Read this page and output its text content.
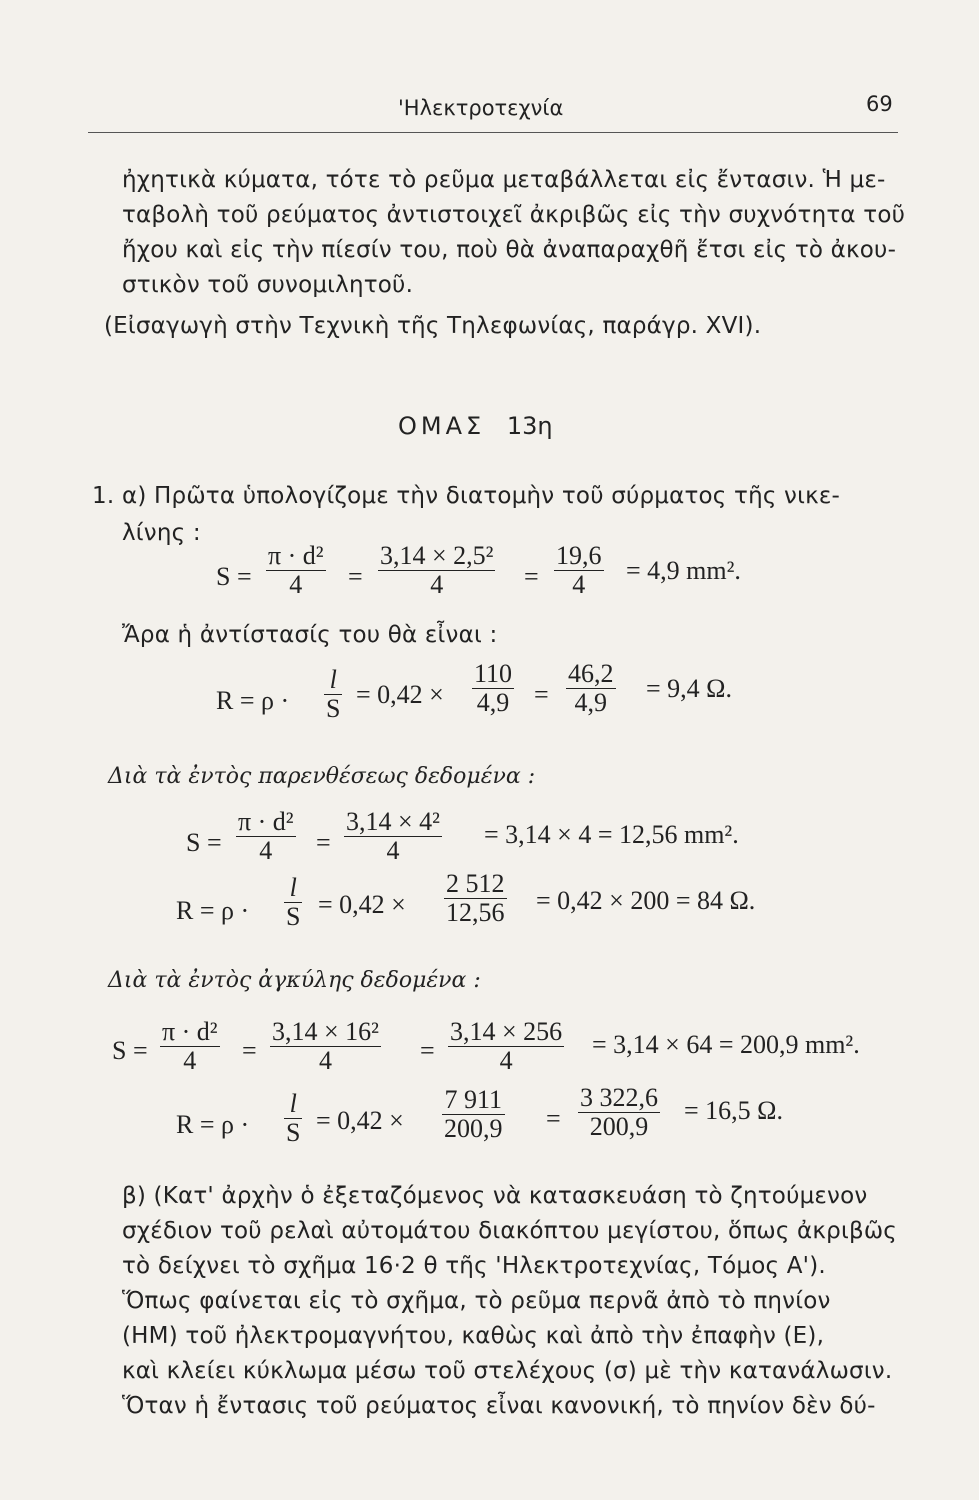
'Ηλεκτροτεχνία	69
ἠχητικὰ κύματα, τότε τὸ ρεῦμα μεταβάλλεται εἰς ἔντασιν. Ἡ με-
ταβολὴ τοῦ ρεύματος ἀντιστοιχεῖ ἀκριβῶς εἰς τὴν συχνότητα τοῦ
ἤχου καὶ εἰς τὴν πίεσίν του, ποὺ θὰ ἀναπαραχθῆ ἔτσι εἰς τὸ ἀκου-
στικὸν τοῦ συνομιλητοῦ.
(Εἰσαγωγὴ στὴν Τεχνικὴ τῆς Τηλεφωνίας, παράγρ. XVI).
ΟΜΑΣ 13η
1. α) Πρῶτα ὑπολογίζομε τὴν διατομὴν τοῦ σύρματος τῆς νικε-
λίνης :
S =
π · d²
4 =
3,14 × 2,5²
4	=
19,6
4 = 4,9 mm².
Ἄρα ἡ ἀντίστασίς του θὰ εἶναι :
R = ρ ·
l
S = 0,42 ×
110
4,9 =
46,2
4,9 = 9,4 Ω.
Διὰ τὰ ἐντὸς παρενθέσεως δεδομένα :
S =
π · d²
4 =
3,14 × 4²
4
= 3,14 × 4 = 12,56 mm².
R = ρ ·
l
S = 0,42 ×
2 512
12,56 = 0,42 × 200 = 84 Ω.
Διὰ τὰ ἐντὸς ἀγκύλης δεδομένα :
S =
π · d²
4 =
3,14 × 16²
4	=
3,14 × 256
4
= 3,14 × 64 = 200,9 mm².
R = ρ ·
l
S = 0,42 ×
7 911
200,9 =
3 322,6
200,9
= 16,5 Ω.
β) (Κατ' ἀρχὴν ὁ ἐξεταζόμενος νὰ κατασκευάση τὸ ζητούμενον
σχέδιον τοῦ ρελαὶ αὐτομάτου διακόπτου μεγίστου, ὅπως ἀκριβῶς
τὸ δείχνει τὸ σχῆμα 16·2 θ τῆς 'Ηλεκτροτεχνίας, Τόμος Α').
Ὅπως φαίνεται εἰς τὸ σχῆμα, τὸ ρεῦμα περνᾶ ἀπὸ τὸ πηνίον
(ΗΜ) τοῦ ἠλεκτρομαγνήτου, καθὼς καὶ ἀπὸ τὴν ἐπαφὴν (Ε),
καὶ κλείει κύκλωμα μέσω τοῦ στελέχους (σ) μὲ τὴν κατανάλωσιν.
Ὅταν ἡ ἔντασις τοῦ ρεύματος εἶναι κανονική, τὸ πηνίον δὲν δύ-
